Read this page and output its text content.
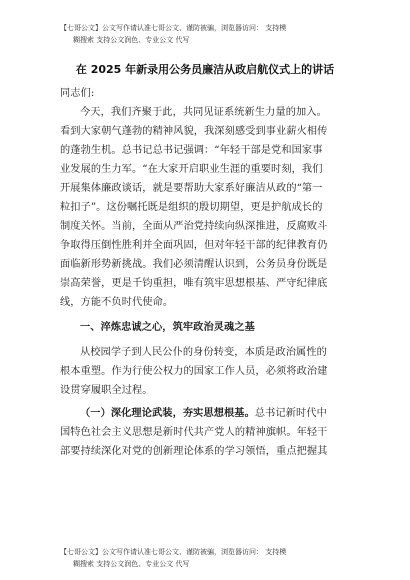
【七哥公文】公文写作请认准七哥公文、谨防被骗，浏览器访问： 支持模
糊搜索 支持公文润色、专业公文 代写
在 2025 年新录用公务员廉洁从政启航仪式上的讲话
同志们:
今天，我们齐聚于此，共同见证系统新生力量的加入。
看到大家朝气蓬勃的精神风貌，我深刻感受到事业薪火相传
的蓬勃生机。总书记总书记强调：“年轻干部是党和国家事
业发展的生力军。“在大家开启职业生涯的重要时刻，我们
开展集体廉政谈话，就是要帮助大家系好廉洁从政的“第一
粒扣子”。这份嘱托既是组织的殷切期望，更是护航成长的
制度关怀。当前，全面从严治党持续向纵深推进，反腐败斗
争取得压倒性胜利并全面巩固，但对年轻干部的纪律教育仍
面临新形势新挑战。我们必须清醒认识到，公务员身份既是
崇高荣誉，更是千钧重担，唯有筑牢思想根基、严守纪律底
线，方能不负时代使命。
一、淬炼忠诚之心，筑牢政治灵魂之基
从校园学子到人民公仆的身份转变，本质是政治属性的
根本重塑。作为行使公权力的国家工作人员，必须将政治建
设贯穿履职全过程。
（一）深化理论武装，夯实思想根基。总书记新时代中
国特色社会主义思想是新时代共产党人的精神旗帜。年轻干
部要持续深化对党的创新理论体系的学习领悟，重点把握其
【七哥公文】公文写作请认准七哥公文、谨防被骗，浏览器访问： 支持模
糊搜索 支持公文润色、专业公文 代写
